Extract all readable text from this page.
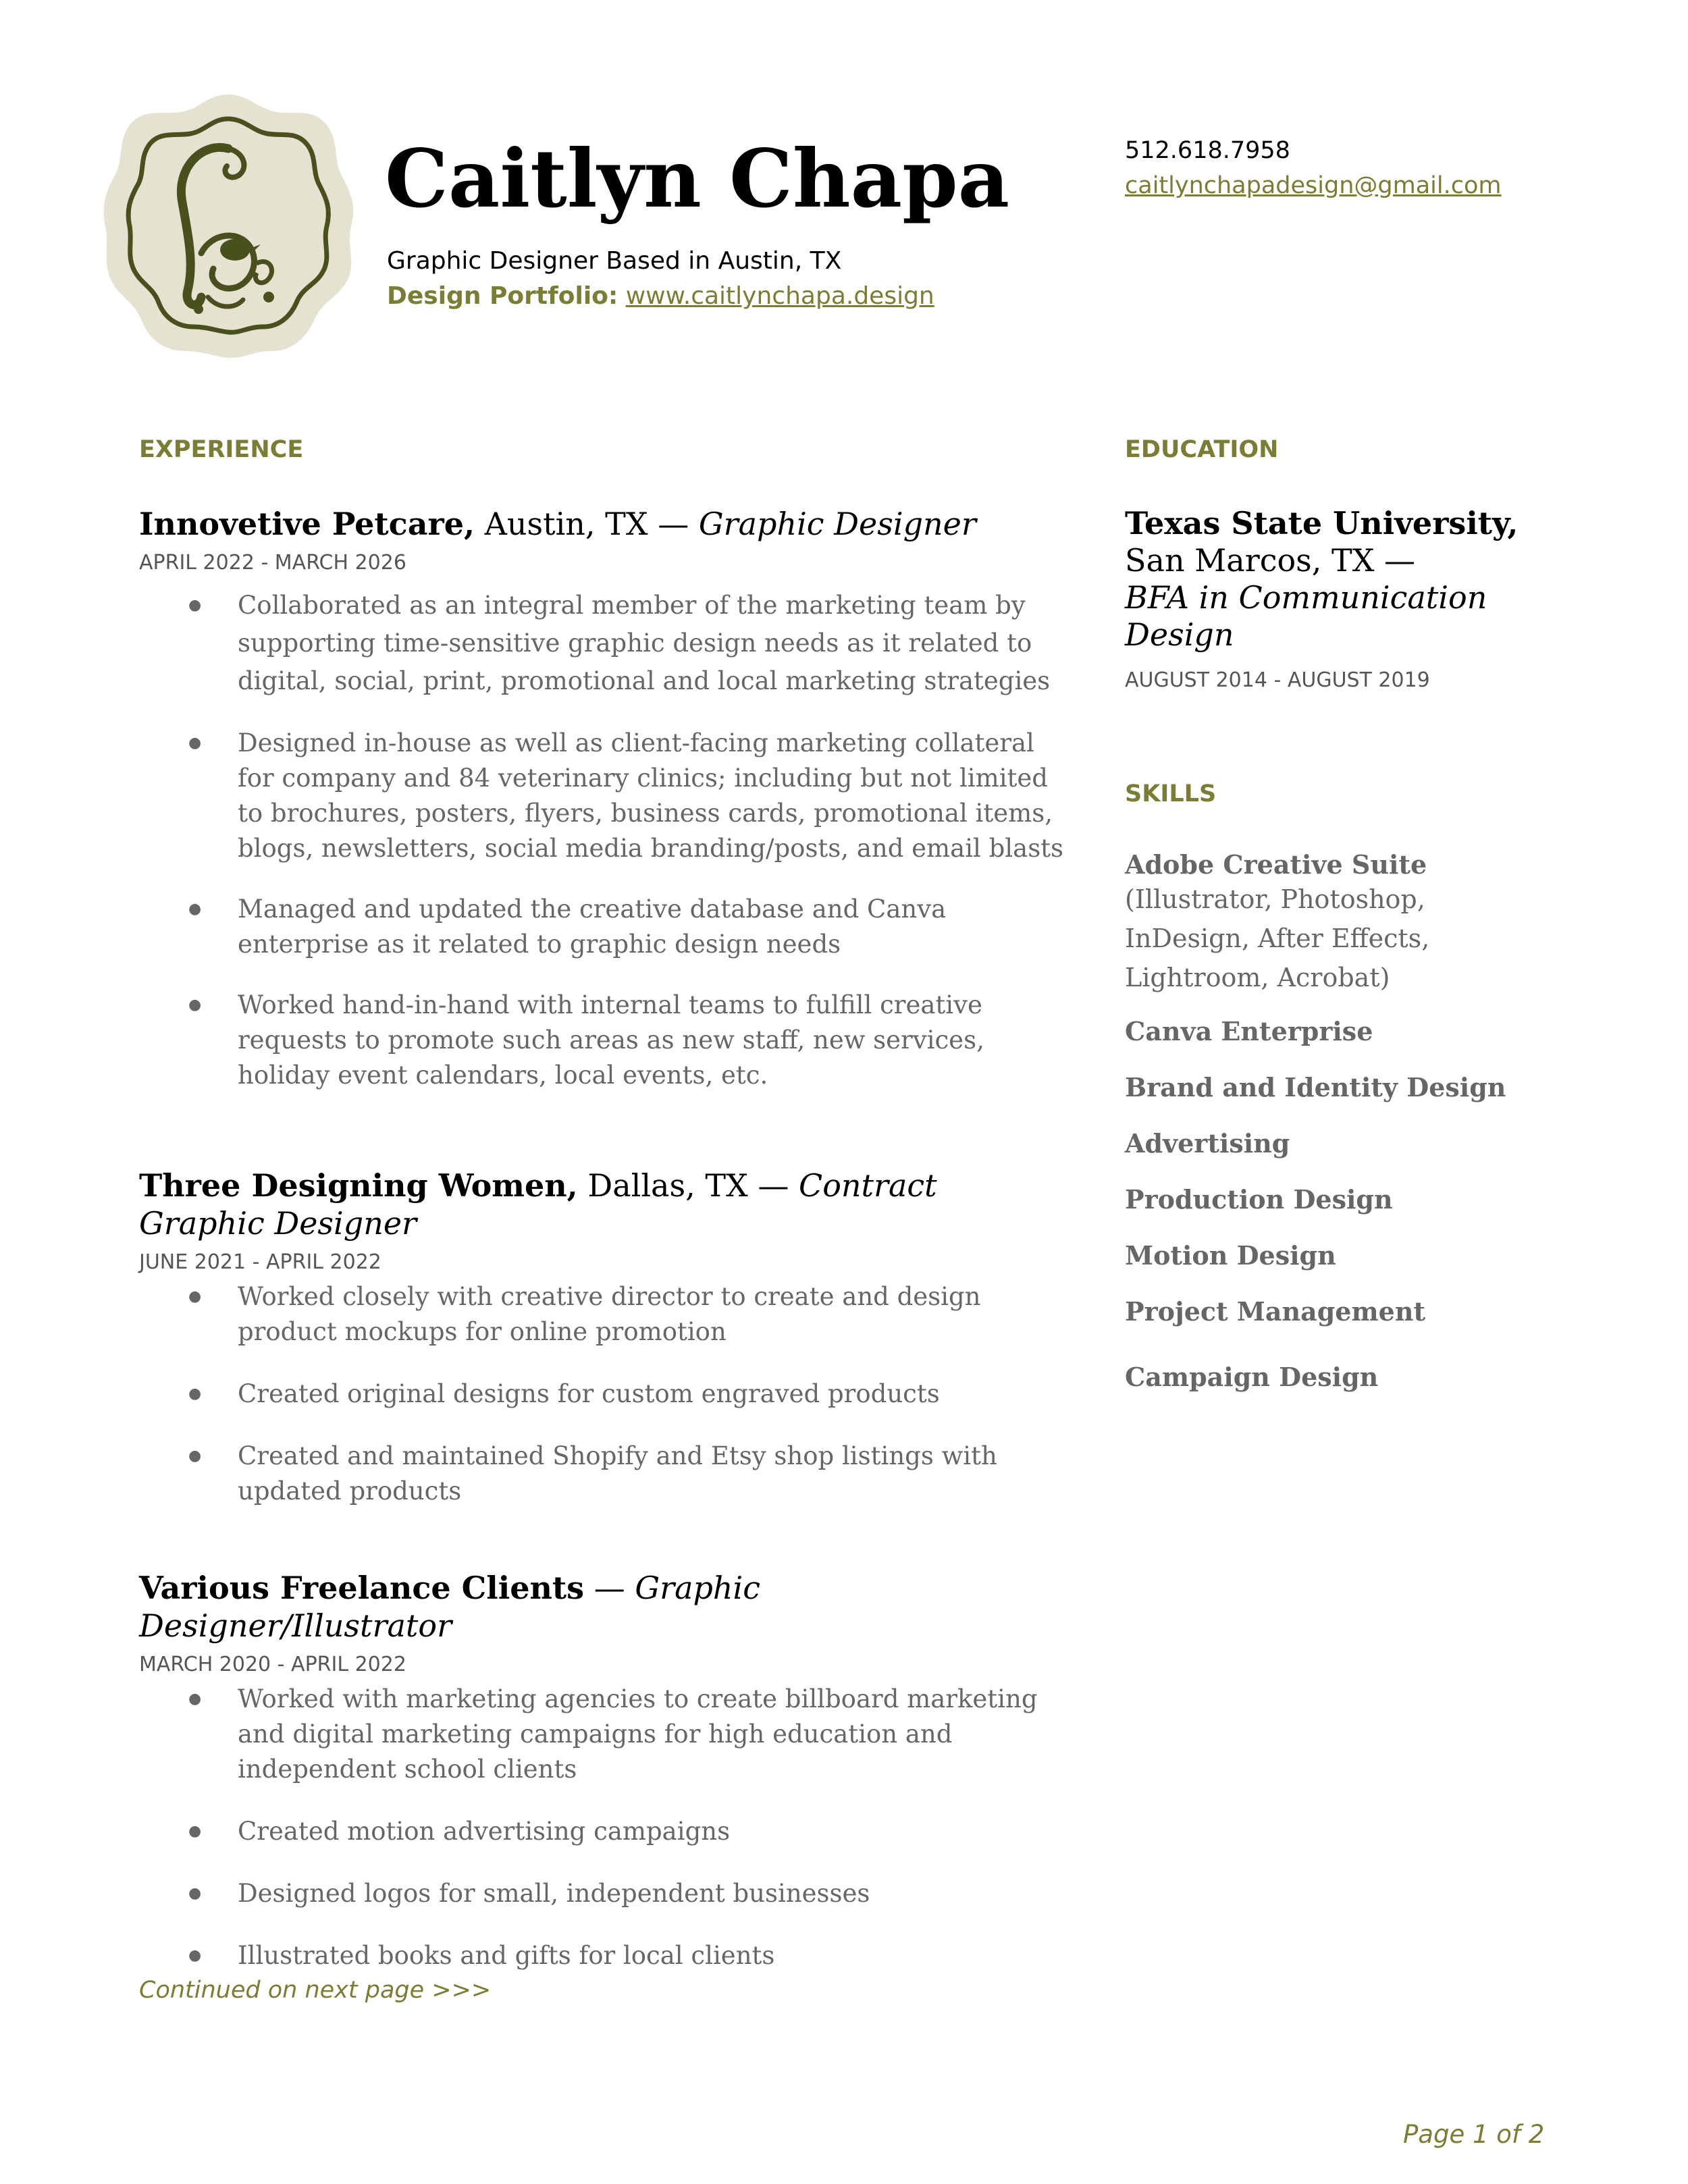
Caitlyn Chapa
Graphic Designer Based in Austin, TX
Design Portfolio: www.caitlynchapa.design
512.618.7958
caitlynchapadesign@gmail.com
EXPERIENCE
Innovetive Petcare, Austin, TX — Graphic Designer
APRIL 2022 - MARCH 2026
● Collaborated as an integral member of the marketing team by supporting time-sensitive graphic design needs as it related to digital, social, print, promotional and local marketing strategies
● Designed in-house as well as client-facing marketing collateral for company and 84 veterinary clinics; including but not limited to brochures, posters, flyers, business cards, promotional items, blogs, newsletters, social media branding/posts, and email blasts
● Managed and updated the creative database and Canva enterprise as it related to graphic design needs
● Worked hand-in-hand with internal teams to fulfill creative requests to promote such areas as new staff, new services, holiday event calendars, local events, etc.
Three Designing Women, Dallas, TX — Contract Graphic Designer
JUNE 2021 - APRIL 2022
● Worked closely with creative director to create and design product mockups for online promotion
● Created original designs for custom engraved products
● Created and maintained Shopify and Etsy shop listings with updated products
Various Freelance Clients — Graphic Designer/Illustrator
MARCH 2020 - APRIL 2022
● Worked with marketing agencies to create billboard marketing and digital marketing campaigns for high education and independent school clients
● Created motion advertising campaigns
● Designed logos for small, independent businesses
● Illustrated books and gifts for local clients
EDUCATION
Texas State University,
San Marcos, TX —
BFA in Communication Design
AUGUST 2014 - AUGUST 2019
SKILLS
Adobe Creative Suite
(Illustrator, Photoshop, InDesign, After Effects, Lightroom, Acrobat)
Canva Enterprise
Brand and Identity Design
Advertising
Production Design
Motion Design
Project Management
Campaign Design
Continued on next page >>>
Page 1 of 2
